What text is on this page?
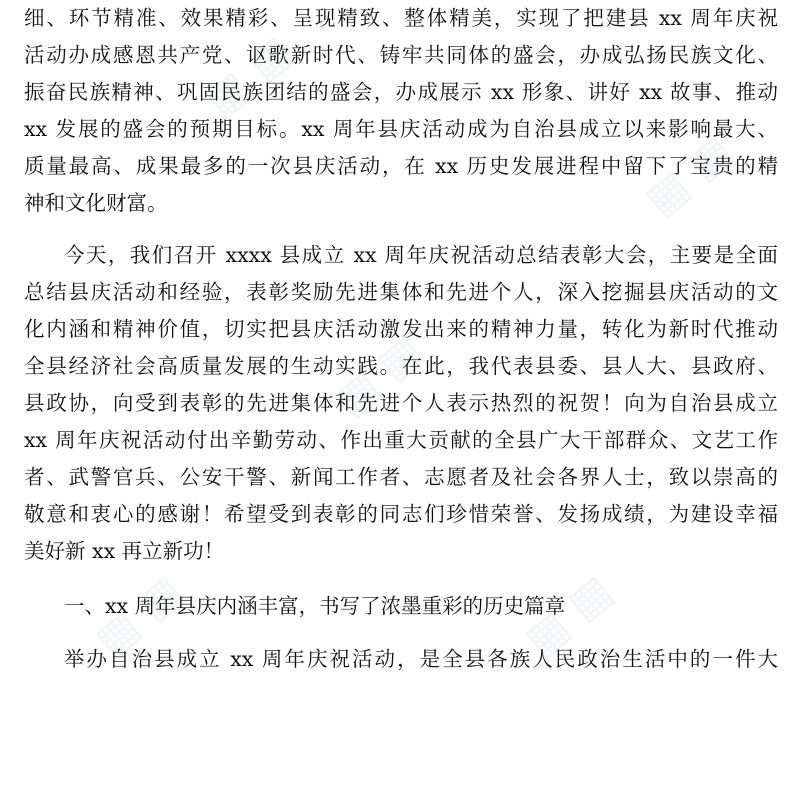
▦ ▦
▦ ▦
▦ ▦
▦ ▦
▦ ▦
细、环节精准、效果精彩、呈现精致、整体精美，实现了把建县 xx 周年庆祝
活动办成感恩共产党、讴歌新时代、铸牢共同体的盛会，办成弘扬民族文化、
振奋民族精神、巩固民族团结的盛会，办成展示 xx 形象、讲好 xx 故事、推动
xx 发展的盛会的预期目标。xx 周年县庆活动成为自治县成立以来影响最大、
质量最高、成果最多的一次县庆活动，在 xx 历史发展进程中留下了宝贵的精
神和文化财富。
今天，我们召开 xxxx 县成立 xx 周年庆祝活动总结表彰大会，主要是全面
总结县庆活动和经验，表彰奖励先进集体和先进个人，深入挖掘县庆活动的文
化内涵和精神价值，切实把县庆活动激发出来的精神力量，转化为新时代推动
全县经济社会高质量发展的生动实践。在此，我代表县委、县人大、县政府、
县政协，向受到表彰的先进集体和先进个人表示热烈的祝贺！向为自治县成立
xx 周年庆祝活动付出辛勤劳动、作出重大贡献的全县广大干部群众、文艺工作
者、武警官兵、公安干警、新闻工作者、志愿者及社会各界人士，致以崇高的
敬意和衷心的感谢！希望受到表彰的同志们珍惜荣誉、发扬成绩，为建设幸福
美好新 xx 再立新功！
一、xx 周年县庆内涵丰富，书写了浓墨重彩的历史篇章
举办自治县成立 xx 周年庆祝活动，是全县各族人民政治生活中的一件大
